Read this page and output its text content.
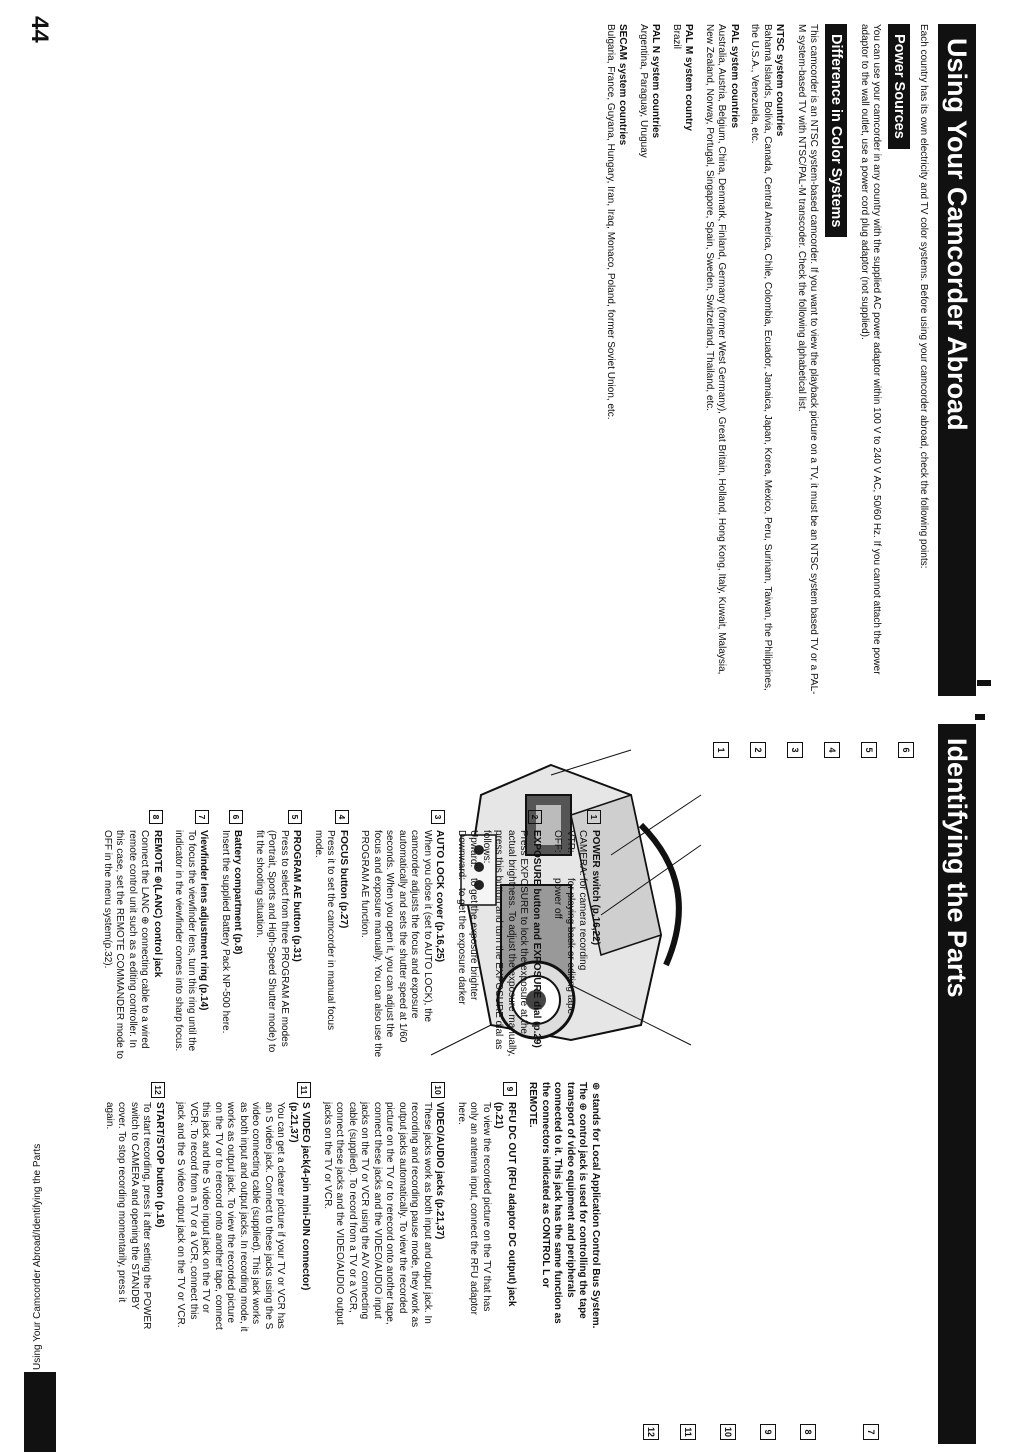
44
Using Your Camcorder Abroad

Each country has its own electricity and TV color systems. Before using your camcorder abroad, check the following points:

Power Sources

You can use your camcorder in any country with the supplied AC power adaptor within 100 V to 240 V AC, 50/60 Hz. If you cannot attach the power adaptor to the wall outlet, use a power cord plug adaptor (not supplied).

Difference in Color Systems

This camcorder is an NTSC system-based camcorder. If you want to view the playback picture on a TV, it must be an NTSC system based TV or a PAL-M system-based TV with NTSC/PAL-M transcoder. Check the following alphabetical list.

NTSC system countries

Bahama Islands, Bolivia, Canada, Central America, Chile, Colombia, Ecuador, Jamaica, Japan, Korea, Mexico, Peru, Surinam, Taiwan, the Philippines, the U.S.A., Venezuela, etc.

PAL system countries

Australia, Austria, Belgium, China, Denmark, Finland, Germany (former West Germany), Great Britain, Holland, Hong Kong, Italy, Kuwait, Malaysia, New Zealand, Norway, Portugal, Singapore, Spain, Sweden, Switzerland, Thailand, etc.

PAL M system country

Brazil

PAL N system countries

Argentina, Paraguay, Uruguay

SECAM system countries

Bulgaria, France, Guyana, Hungary, Iran, Iraq, Monaco, Poland, former Soviet Union, etc.

Identifying the Parts
Using Your Camcorder Abroad/Identifying the Parts
1	2	3	4	5	6
7
8
9
10
11
12
1
POWER switch (p.16,22)
CAMERA:
for camera recording
VTR:
for playing back or editing tape
OFF:
power off
2
EXPOSURE button and EXPOSURE dial (p.29)
Press EXPOSURE to lock the exposure at the actual brightness. To adjust the exposure manually, press this button and turn the EXPOSURE dial as follows:
Upward:
to get the exposure brighter
Downward:
to get the exposure darker
3
AUTO LOCK cover (p.16,25)
When you close it (set to AUTO LOCK), the camcorder adjusts the focus and exposure automatically and sets the shutter speed at 1/60 seconds. When you open it, you can adjust the focus and exposure manually. You can also use the PROGRAM AE function.
4
FOCUS button (p.27)
Press it to set the camcorder in manual focus mode.
5
PROGRAM AE button (p.31)
Press to select from three PROGRAM AE modes (Portrait, Sports and High-Speed Shutter mode) to fit the shooting situation.
6
Battery compartment (p.8)
Insert the supplied Battery Pack NP-500 here.
7
Viewfinder lens adjustment ring (p.14)
To focus the viewfinder lens, turn this ring until the indicator in the viewfinder comes into sharp focus.
8
REMOTE ⊕(LANC) control jack
Connect the LANC ⊕ connecting cable to a wired remote control unit such as a editing controller. In this case, set the REMOTE COMMANDER mode to OFF in the menu system(p.32).
⊕ stands for Local Application Control Bus System. The ⊕ control jack is used for controlling the tape transport of video equipment and peripherals connected to it. This jack has the same function as the connectors indicated as CONTROL L or REMOTE.
9
RFU DC OUT (RFU adaptor DC output) jack (p.21)
To view the recorded picture on the TV that has only an antenna input, connect the RFU adaptor here.
10
VIDEO/AUDIO jacks (p.21,37)
These jacks work as both input and output jack. In recording and recording pause mode, they work as output jacks automatically. To view the recorded picture on the TV or to rerecord onto another tape, connect these jacks and the VIDEO/AUDIO input jacks on the TV or VCR using the A/V connecting cable (supplied). To record from a TV or a VCR, connect these jacks and the VIDEO/AUDIO output jacks on the TV or VCR.
11
S VIDEO jack(4-pin mini-DIN connector) (p.21,37)
You can get a clearer picture if your TV or VCR has an S video jack. Connect to these jacks using the S video connecting cable (supplied). This jack works as both input and output jacks. In recording mode, it works as output jack. To view the recorded picture on the TV or to rerecord onto another tape, connect this jack and the S video input jack on the TV or VCR. To record from a TV or a VCR, connect this jack and the S video output jack on the TV or VCR.
12
START/STOP button (p.16)
To start recording, press it after setting the POWER switch to CAMERA and opening the STANDBY cover. To stop recording momentarily, press it again.
